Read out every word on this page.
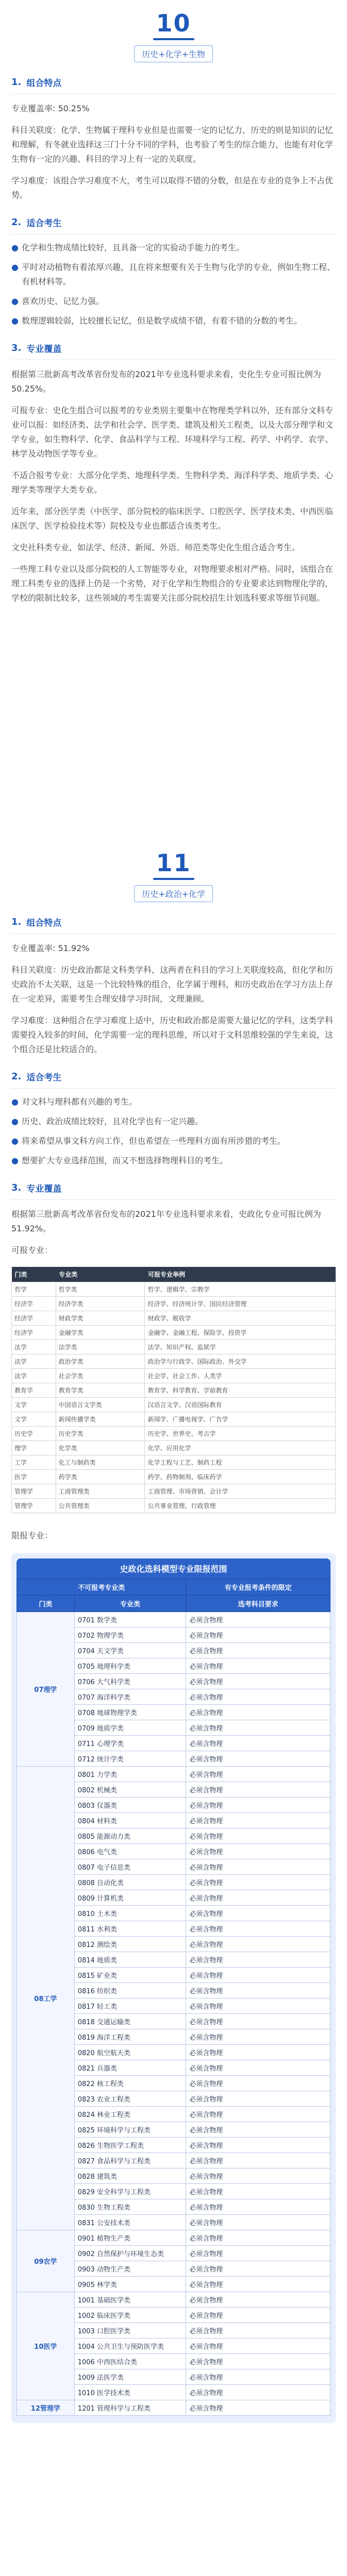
10
历史+化学+生物
1. 组合特点
专业覆盖率: 50.25%
科目关联度：化学、生物属于理科专业但是也需要一定的记忆力，历史的则是知识的记忆和理解，有冬就业选择这三门十分不同的学科，也考验了考生的综合能力，也能有对化学生物有一定的兴趣、科目的学习上有一定的关联度。
学习难度：该组合学习难度不大，考生可以取得不错的分数，但是在专业的竞争上不占优势。
2. 适合考生
● 化学和生物成绩比较好，且具备一定的实验动手能力的考生。
● 平时对动植物有着浓厚兴趣，且在将来想要有关于生物与化学的专业，例如生物工程、有机材料等。
● 喜欢历史、记忆力强。
● 数理逻辑较弱，比较擅长记忆，但是数学成绩不错，有着不错的分数的考生。
3. 专业覆盖
根据第三批新高考改革省份发布的2021年专业选科要求来看，史化生专业可报比例为50.25%。
可报专业：史化生组合可以报考的专业类别主要集中在物理类学科以外，还有部分文科专业可以报：如经济类、法学和社会学、医学类、建筑及相关工程类，以及大部分理学和文学专业，如生物科学、化学、食品科学与工程、环境科学与工程、药学、中药学、农学、林学及动物医学等专业。
不适合报考专业：大部分化学类、地理科学类、生物科学类、海洋科学类、地质学类、心理学类等理学大类专业。
近年来，部分医学类（中医学、部分院校的临床医学、口腔医学、医学技术类、中西医临床医学、医学检验技术等）院校及专业也都适合该类考生。
文史社科类专业，如法学、经济、新闻、外语、师范类等史化生组合适合考生。
一些理工科专业以及部分院校的人工智能等专业，对物理要求相对严格。同时，该组合在理工科类专业的选择上仍是一个劣势，对于化学和生物组合的专业要求达到物理化学的，学校的限制比较多，这些领域的考生需要关注部分院校招生计划选科要求等细节问题。
11
历史+政治+化学
1. 组合特点
专业覆盖率: 51.92%
科目关联度：历史政治都是文科类学科，这两者在科目的学习上关联度较高，但化学和历史政治不太关联，这是一个比较特殊的组合，化学属于理科，和历史政治在学习方法上存在一定差异，需要考生合理安排学习时间，文理兼顾。
学习难度：这种组合在学习难度上适中，历史和政治都是需要大量记忆的学科，这类学科需要投入较多的时间，化学需要一定的理科思维，所以对于文科思维较强的学生来说，这个组合还是比较适合的。
2. 适合考生
● 对文科与理科都有兴趣的考生。
● 历史、政治成绩比较好，且对化学也有一定兴趣。
● 将来希望从事文科方向工作，但也希望在一些理科方面有所涉猎的考生。
● 想要扩大专业选择范围，而又不想选择物理科目的考生。
3. 专业覆盖
根据第三批新高考改革省份发布的2021年专业选科要求来看，史政化专业可报比例为51.92%。
可报专业：
门类	专业类	可报专业举例
哲学	哲学类	哲学、逻辑学、宗教学
经济学	经济学类	经济学、经济统计学、国民经济管理
经济学	财政学类	财政学、税收学
经济学	金融学类	金融学、金融工程、保险学、投资学
法学	法学类	法学、知识产权、监狱学
法学	政治学类	政治学与行政学、国际政治、外交学
法学	社会学类	社会学、社会工作、人类学
教育学	教育学类	教育学、科学教育、学前教育
文学	中国语言文学类	汉语言文学、汉语国际教育
文学	新闻传播学类	新闻学、广播电视学、广告学
历史学	历史学类	历史学、世界史、考古学
理学	化学类	化学、应用化学
工学	化工与制药类	化学工程与工艺、制药工程
医学	药学类	药学、药物制剂、临床药学
管理学	工商管理类	工商管理、市场营销、会计学
管理学	公共管理类	公共事业管理、行政管理
限报专业：
史政化选科模型专业限报范围
不可报考专业类		有专业报考条件的限定
门类	专业类	选考科目要求
07理学	0701 数学类	必须含物理
	0702 物理学类	必须含物理
	0704 天文学类	必须含物理
	0705 地理科学类	必须含物理
	0706 大气科学类	必须含物理
	0707 海洋科学类	必须含物理
	0708 地球物理学类	必须含物理
	0709 地质学类	必须含物理
	0711 心理学类	必须含物理
	0712 统计学类	必须含物理
08工学	0801 力学类	必须含物理
	0802 机械类	必须含物理
	0803 仪器类	必须含物理
	0804 材料类	必须含物理
	0805 能源动力类	必须含物理
	0806 电气类	必须含物理
	0807 电子信息类	必须含物理
	0808 自动化类	必须含物理
	0809 计算机类	必须含物理
	0810 土木类	必须含物理
	0811 水利类	必须含物理
	0812 测绘类	必须含物理
	0814 地质类	必须含物理
	0815 矿业类	必须含物理
	0816 纺织类	必须含物理
	0817 轻工类	必须含物理
	0818 交通运输类	必须含物理
	0819 海洋工程类	必须含物理
	0820 航空航天类	必须含物理
	0821 兵器类	必须含物理
	0822 核工程类	必须含物理
	0823 农业工程类	必须含物理
	0824 林业工程类	必须含物理
	0825 环境科学与工程类	必须含物理
	0826 生物医学工程类	必须含物理
	0827 食品科学与工程类	必须含物理
	0828 建筑类	必须含物理
	0829 安全科学与工程类	必须含物理
	0830 生物工程类	必须含物理
	0831 公安技术类	必须含物理
09农学	0901 植物生产类	必须含物理
	0902 自然保护与环境生态类	必须含物理
	0903 动物生产类	必须含物理
	0905 林学类	必须含物理
10医学	1001 基础医学类	必须含物理
	1002 临床医学类	必须含物理
	1003 口腔医学类	必须含物理
	1004 公共卫生与预防医学类	必须含物理
	1006 中西医结合类	必须含物理
	1009 法医学类	必须含物理
	1010 医学技术类	必须含物理
12管理学	1201 管理科学与工程类	必须含物理
